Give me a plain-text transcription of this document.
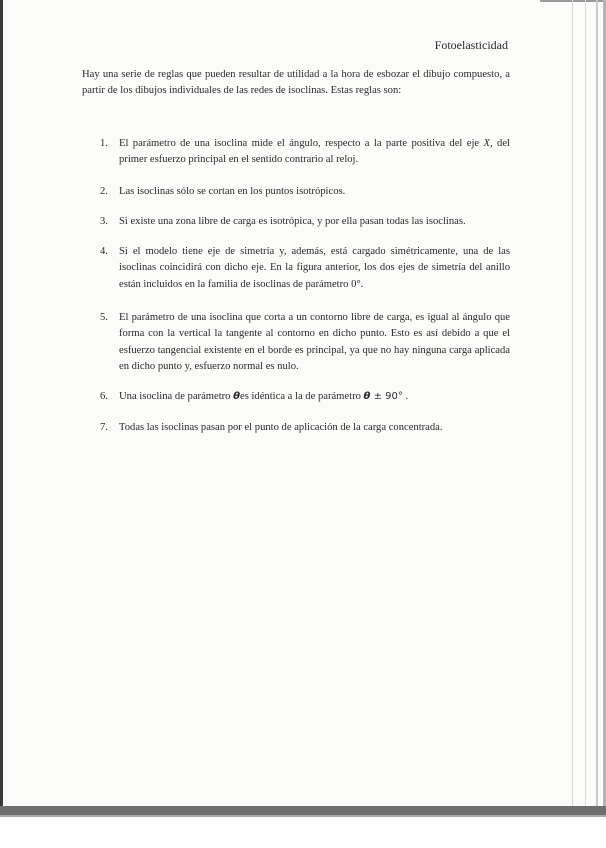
Fotoelasticidad

Hay una serie de reglas que pueden resultar de utilidad a la hora de esbozar el dibujo compuesto, a partir de los dibujos individuales de las redes de isoclinas. Estas reglas son:

1. El parámetro de una isoclina mide el ángulo, respecto a la parte positiva del eje X, del primer esfuerzo principal en el sentido contrario al reloj.
2. Las isoclinas sólo se cortan en los puntos isotrópicos.
3. Si existe una zona libre de carga es isotrópica, y por ella pasan todas las isoclinas.
4. Si el modelo tiene eje de simetría y, además, está cargado simétricamente, una de las isoclinas coincidirá con dicho eje. En la figura anterior, los dos ejes de simetría del anillo están incluidos en la familia de isoclinas de parámetro 0°.
5. El parámetro de una isoclina que corta a un contorno libre de carga, es igual al ángulo que forma con la vertical la tangente al contorno en dicho punto. Esto es así debido a que el esfuerzo tangencial existente en el borde es principal, ya que no hay ninguna carga aplicada en dicho punto y, esfuerzo normal es nulo.
6. Una isoclina de parámetro θes idéntica a la de parámetro θ ± 90° .
7. Todas las isoclinas pasan por el punto de aplicación de la carga concentrada.
